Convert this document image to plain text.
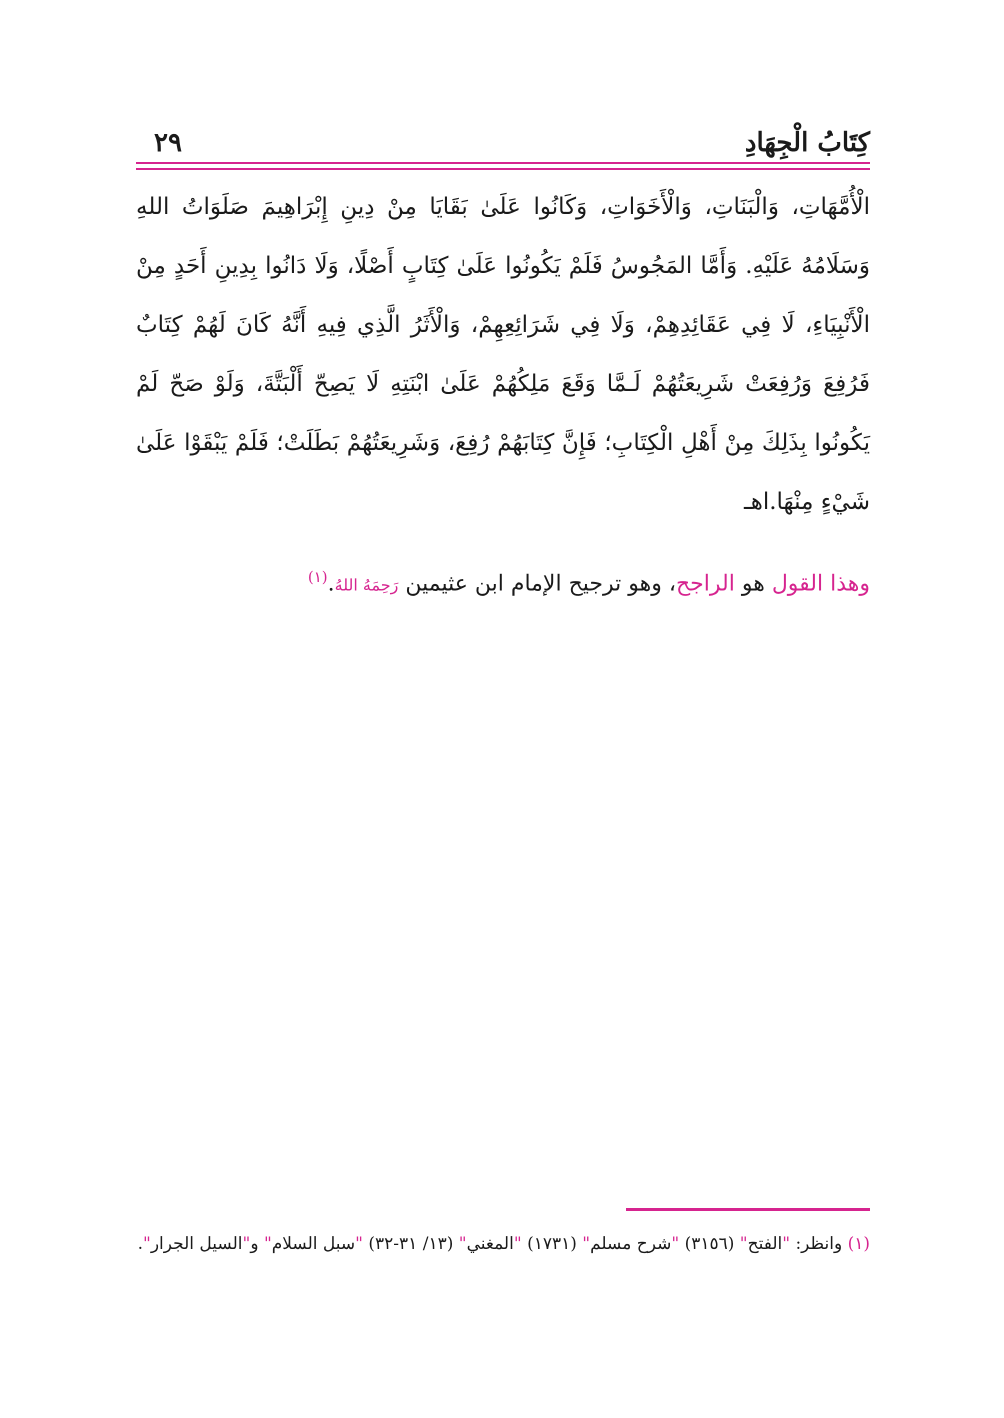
كِتَابُ الْجِهَادِ
٢٩

الْأُمَّهَاتِ، وَالْبَنَاتِ، وَالْأَخَوَاتِ، وَكَانُوا عَلَىٰ بَقَايَا مِنْ دِينِ إِبْرَاهِيمَ صَلَوَاتُ اللهِ وَسَلَامُهُ عَلَيْهِ. وَأَمَّا المَجُوسُ فَلَمْ يَكُونُوا عَلَىٰ كِتَابٍ أَصْلًا، وَلَا دَانُوا بِدِينِ أَحَدٍ مِنْ الْأَنْبِيَاءِ، لَا فِي عَقَائِدِهِمْ، وَلَا فِي شَرَائِعِهِمْ، وَالْأَثَرُ الَّذِي فِيهِ أَنَّهُ كَانَ لَهُمْ كِتَابٌ فَرُفِعَ وَرُفِعَتْ شَرِيعَتُهُمْ لَـمَّا وَقَعَ مَلِكُهُمْ عَلَىٰ ابْنَتِهِ لَا يَصِحّ أَلْبَتَّةَ، وَلَوْ صَحّ لَمْ يَكُونُوا بِذَلِكَ مِنْ أَهْلِ الْكِتَابِ؛ فَإِنَّ كِتَابَهُمْ رُفِعَ، وَشَرِيعَتُهُمْ بَطَلَتْ؛ فَلَمْ يَبْقَوْا عَلَىٰ شَيْءٍ مِنْهَا.اهـ

وهذا القول هو الراجح، وهو ترجيح الإمام ابن عثيمين رَحِمَهُ اللهُ.$^{(١)}$
(١) وانظر: "الفتح" (٣١٥٦) "شرح مسلم" (١٧٣١) "المغني" (١٣/ ٣١-٣٢) "سبل السلام" و"السيل الجرار".
